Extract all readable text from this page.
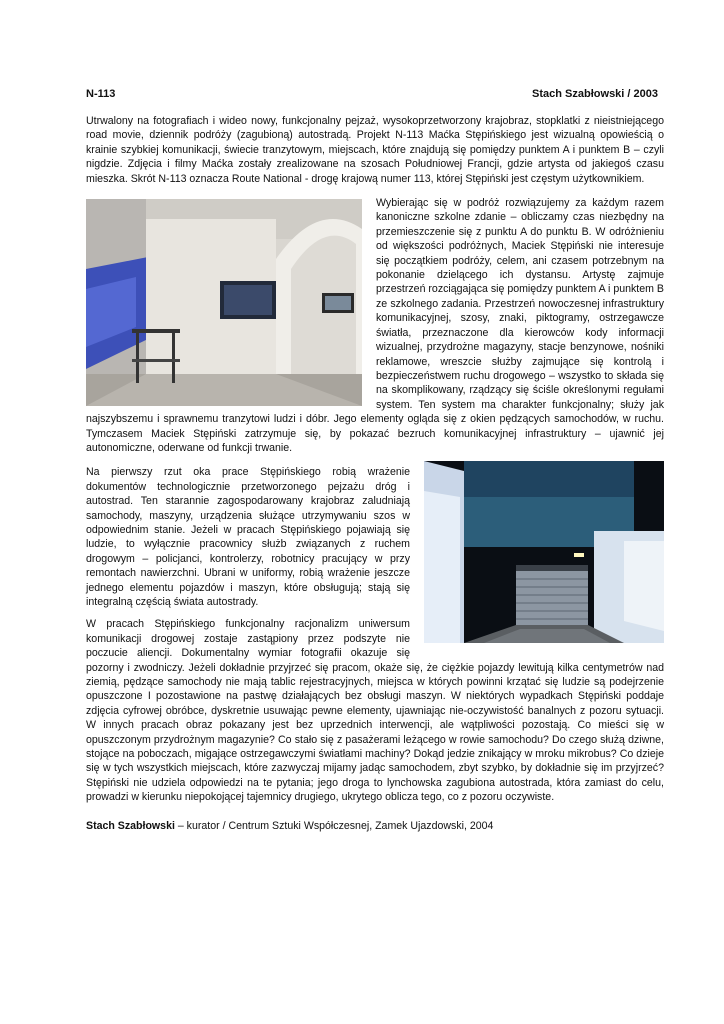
N-113	Stach Szabłowski / 2003

Utrwalony na fotografiach i wideo nowy, funkcjonalny pejzaż, wysokoprzetworzony krajobraz, stopklatki z nieistniejącego road movie, dziennik podróży (zagubioną) autostradą. Projekt N-113 Maćka Stępińskiego jest wizualną opowieścią o krainie szybkiej komunikacji, świecie tranzytowym, miejscach, które znajdują się pomiędzy punktem A i punktem B – czyli nigdzie. Zdjęcia i filmy Maćka zostały zrealizowane na szosach Południowej Francji, gdzie artysta od jakiegoś czasu mieszka. Skrót N-113 oznacza Route National - drogę krajową numer 113, której Stępiński jest częstym użytkownikiem.

Wybierając się w podróż rozwiązujemy za każdym razem kanoniczne szkolne zdanie – obliczamy czas niezbędny na przemieszczenie się z punktu A do punktu B. W odróżnieniu od większości podróżnych, Maciek Stępiński nie interesuje się początkiem podróży, celem, ani czasem potrzebnym na pokonanie dzielącego ich dystansu. Artystę zajmuje przestrzeń rozciągająca się pomiędzy punktem A i punktem B ze szkolnego zadania. Przestrzeń nowoczesnej infrastruktury komunikacyjnej, szosy, znaki, piktogramy, ostrzegawcze światła, przeznaczone dla kierowców kody informacji wizualnej, przydrożne magazyny, stacje benzynowe, nośniki reklamowe, wreszcie służby zajmujące się kontrolą i bezpieczeństwem ruchu drogowego – wszystko to składa się na skomplikowany, rządzący się ściśle określonymi regułami system. Ten system ma charakter funkcjonalny; służy jak najszybszemu i sprawnemu tranzytowi ludzi i dóbr. Jego elementy ogląda się z okien pędzących samochodów, w ruchu. Tymczasem Maciek Stępiński zatrzymuje się, by pokazać bezruch komunikacyjnej infrastruktury – ujawnić jej autonomiczne, oderwane od funkcji trwanie.

Na pierwszy rzut oka prace Stępińskiego robią wrażenie dokumentów technologicznie przetworzonego pejzażu dróg i autostrad. Ten starannie zagospodarowany krajobraz zaludniają samochody, maszyny, urządzenia służące utrzymywaniu szos w odpowiednim stanie. Jeżeli w pracach Stępińskiego pojawiają się ludzie, to wyłącznie pracownicy służb związanych z ruchem drogowym – policjanci, kontrolerzy, robotnicy pracujący w przy remontach nawierzchni. Ubrani w uniformy, robią wrażenie jeszcze jednego elementu pojazdów i maszyn, które obsługują; stają się integralną częścią świata autostrady.

W pracach Stępińskiego funkcjonalny racjonalizm uniwersum komunikacji drogowej zostaje zastąpiony przez podszyte nie poczucie aliencji. Dokumentalny wymiar fotografii okazuje się pozorny i zwodniczy. Jeżeli dokładnie przyjrzeć się pracom, okaże się, że ciężkie pojazdy lewitują kilka centymetrów nad ziemią, pędzące samochody nie mają tablic rejestracyjnych, miejsca w których powinni krzątać się ludzie są podejrzenie opuszczone I pozostawione na pastwę działających bez obsługi maszyn. W niektórych wypadkach Stępiński poddaje zdjęcia cyfrowej obróbce, dyskretnie usuwając pewne elementy, ujawniając nie-oczywistość banalnych z pozoru sytuacji. W innych pracach obraz pokazany jest bez uprzednich interwencji, ale wątpliwości pozostają. Co mieści się w opuszczonym przydrożnym magazynie? Co stało się z pasażerami leżącego w rowie samochodu? Do czego służą dziwne, stojące na poboczach, migające ostrzegawczymi światłami machiny? Dokąd jedzie znikający w mroku mikrobus? Co dzieje się w tych wszystkich miejscach, które zazwyczaj mijamy jadąc samochodem, zbyt szybko, by dokładnie się im przyjrzeć? Stępiński nie udziela odpowiedzi na te pytania; jego droga to lynchowska zagubiona autostrada, która zamiast do celu, prowadzi w kierunku niepokojącej tajemnicy drugiego, ukrytego oblicza tego, co z pozoru oczywiste.

Stach Szabłowski – kurator / Centrum Sztuki Współczesnej, Zamek Ujazdowski, 2004
